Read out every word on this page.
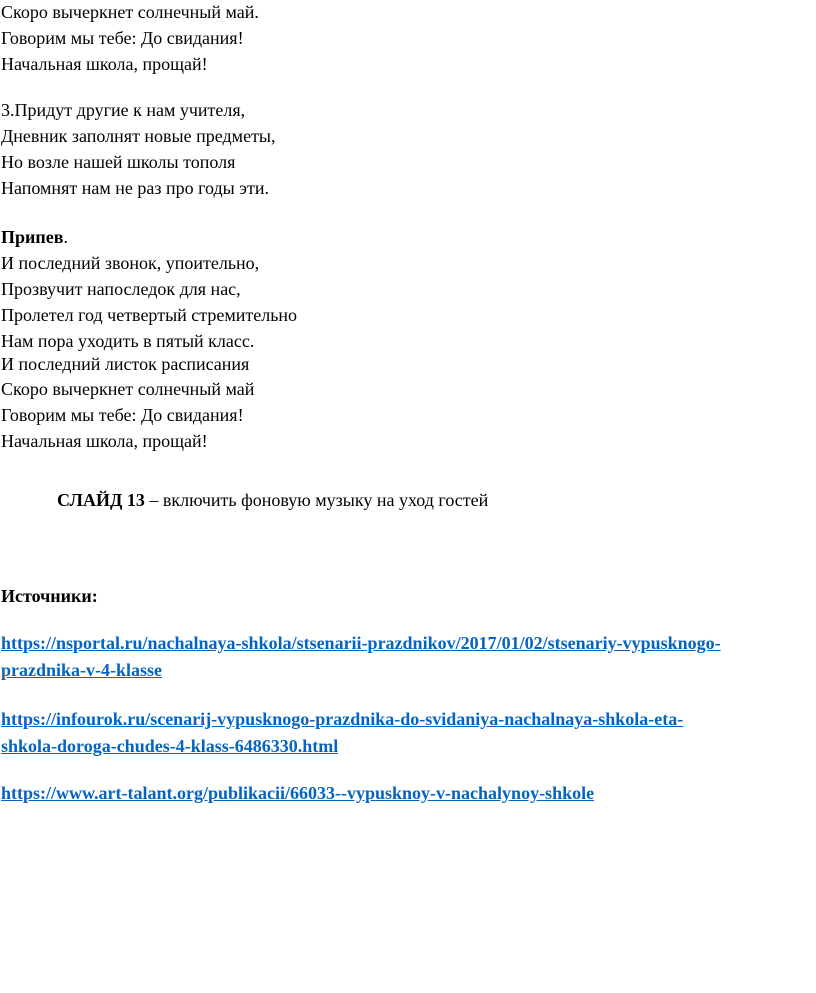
Скоро вычеркнет солнечный май.
Говорим мы тебе: До свидания!
Начальная школа, прощай!
3.Придут другие к нам учителя,
Дневник заполнят новые предметы,
Но возле нашей школы тополя
Напомнят нам не раз про годы эти.
Припев.
И последний звонок, упоительно,
Прозвучит напоследок для нас,
Пролетел год четвертый стремительно
Нам пора уходить в пятый класс.
И последний листок расписания
Скоро вычеркнет солнечный май
Говорим мы тебе: До свидания!
Начальная школа, прощай!
СЛАЙД 13 – включить фоновую музыку на уход гостей
Источники:
https://nsportal.ru/nachalnaya-shkola/stsenarii-prazdnikov/2017/01/02/stsenariy-vypusknogo-
prazdnika-v-4-klasse
https://infourok.ru/scenarij-vypusknogo-prazdnika-do-svidaniya-nachalnaya-shkola-eta-
shkola-doroga-chudes-4-klass-6486330.html
https://www.art-talant.org/publikacii/66033--vypusknoy-v-nachalynoy-shkole
